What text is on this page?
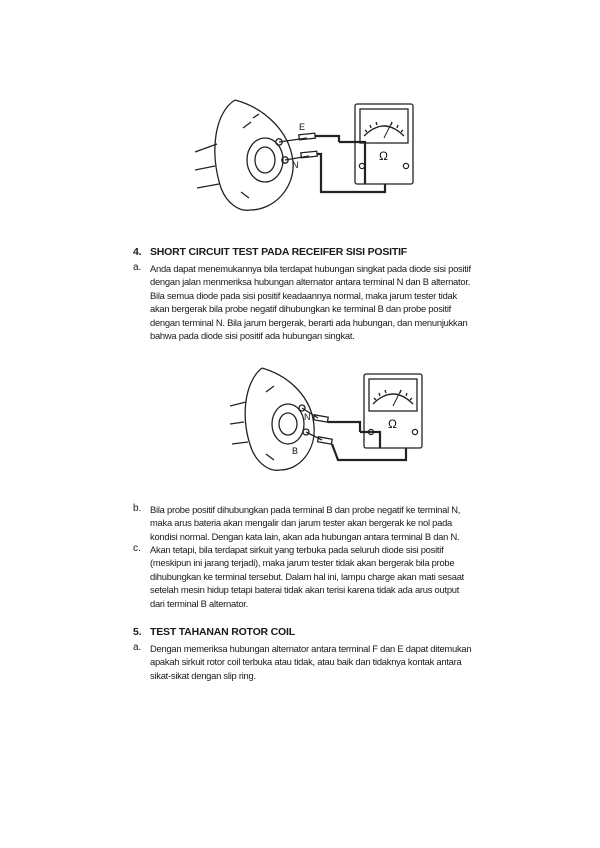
E
N
Ω
4. SHORT CIRCUIT TEST PADA RECEIFER SISI POSITIF
a. Anda dapat menemukannya bila terdapat hubungan singkat pada diode sisi positif
dengan jalan menmeriksa hubungan alternator antara terminal N dan B alternator.
Bila semua diode pada sisi positif keadaannya normal, maka jarum tester tidak
akan bergerak bila probe negatif dihubungkan ke terminal B dan probe positif
dengan terminal N. Bila jarum bergerak, berarti ada hubungan, dan menunjukkan
bahwa pada diode sisi positif ada hubungan singkat.
N
B
Ω
b. Bila probe positif dihubungkan pada terminal B dan probe negatif ke terminal N,
maka arus bateria akan mengalir dan jarum tester akan bergerak ke nol pada
kondisi normal. Dengan kata lain, akan ada hubungan antara terminal B dan N.
c. Akan tetapi, bila terdapat sirkuit yang terbuka pada seluruh diode sisi positif
(meskipun ini jarang terjadi), maka jarum tester tidak akan bergerak bila probe
dihubungkan ke terminal tersebut. Dalam hal ini, lampu charge akan mati sesaat
setelah mesin hidup tetapi baterai tidak akan terisi karena tidak ada arus output
dari terminal B alternator.
5. TEST TAHANAN ROTOR COIL
a. Dengan memeriksa hubungan alternator antara terminal F dan E dapat ditemukan
apakah sirkuit rotor coil terbuka atau tidak, atau baik dan tidaknya kontak antara
sikat-sikat dengan slip ring.
